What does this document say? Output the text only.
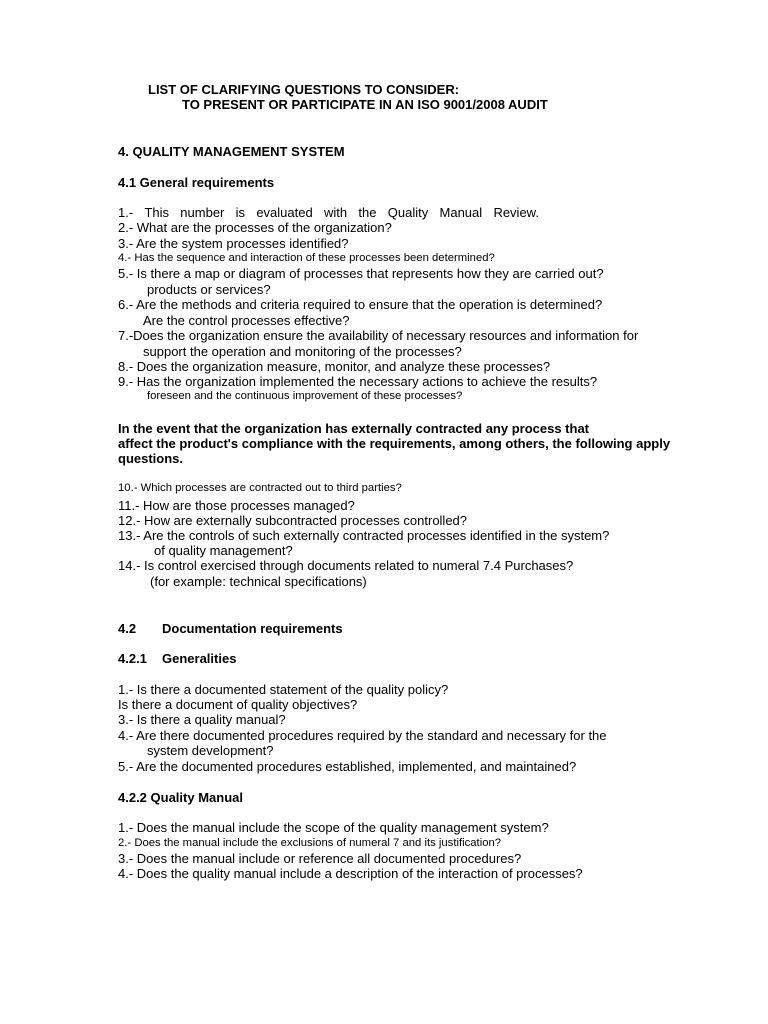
LIST OF CLARIFYING QUESTIONS TO CONSIDER:
TO PRESENT OR PARTICIPATE IN AN ISO 9001/2008 AUDIT
4. QUALITY MANAGEMENT SYSTEM
4.1 General requirements
1.- This number is evaluated with the Quality Manual Review.
2.- What are the processes of the organization?
3.- Are the system processes identified?
4.- Has the sequence and interaction of these processes been determined?
5.- Is there a map or diagram of processes that represents how they are carried out?
products or services?
6.- Are the methods and criteria required to ensure that the operation is determined?
Are the control processes effective?
7.-Does the organization ensure the availability of necessary resources and information for
support the operation and monitoring of the processes?
8.- Does the organization measure, monitor, and analyze these processes?
9.- Has the organization implemented the necessary actions to achieve the results?
foreseen and the continuous improvement of these processes?
In the event that the organization has externally contracted any process that
affect the product's compliance with the requirements, among others, the following apply
questions.
10.- Which processes are contracted out to third parties?
11.- How are those processes managed?
12.- How are externally subcontracted processes controlled?
13.- Are the controls of such externally contracted processes identified in the system?
of quality management?
14.- Is control exercised through documents related to numeral 7.4 Purchases?
(for example: technical specifications)
4.2 Documentation requirements
4.2.1 Generalities
1.- Is there a documented statement of the quality policy?
Is there a document of quality objectives?
3.- Is there a quality manual?
4.- Are there documented procedures required by the standard and necessary for the
system development?
5.- Are the documented procedures established, implemented, and maintained?
4.2.2 Quality Manual
1.- Does the manual include the scope of the quality management system?
2.- Does the manual include the exclusions of numeral 7 and its justification?
3.- Does the manual include or reference all documented procedures?
4.- Does the quality manual include a description of the interaction of processes?
